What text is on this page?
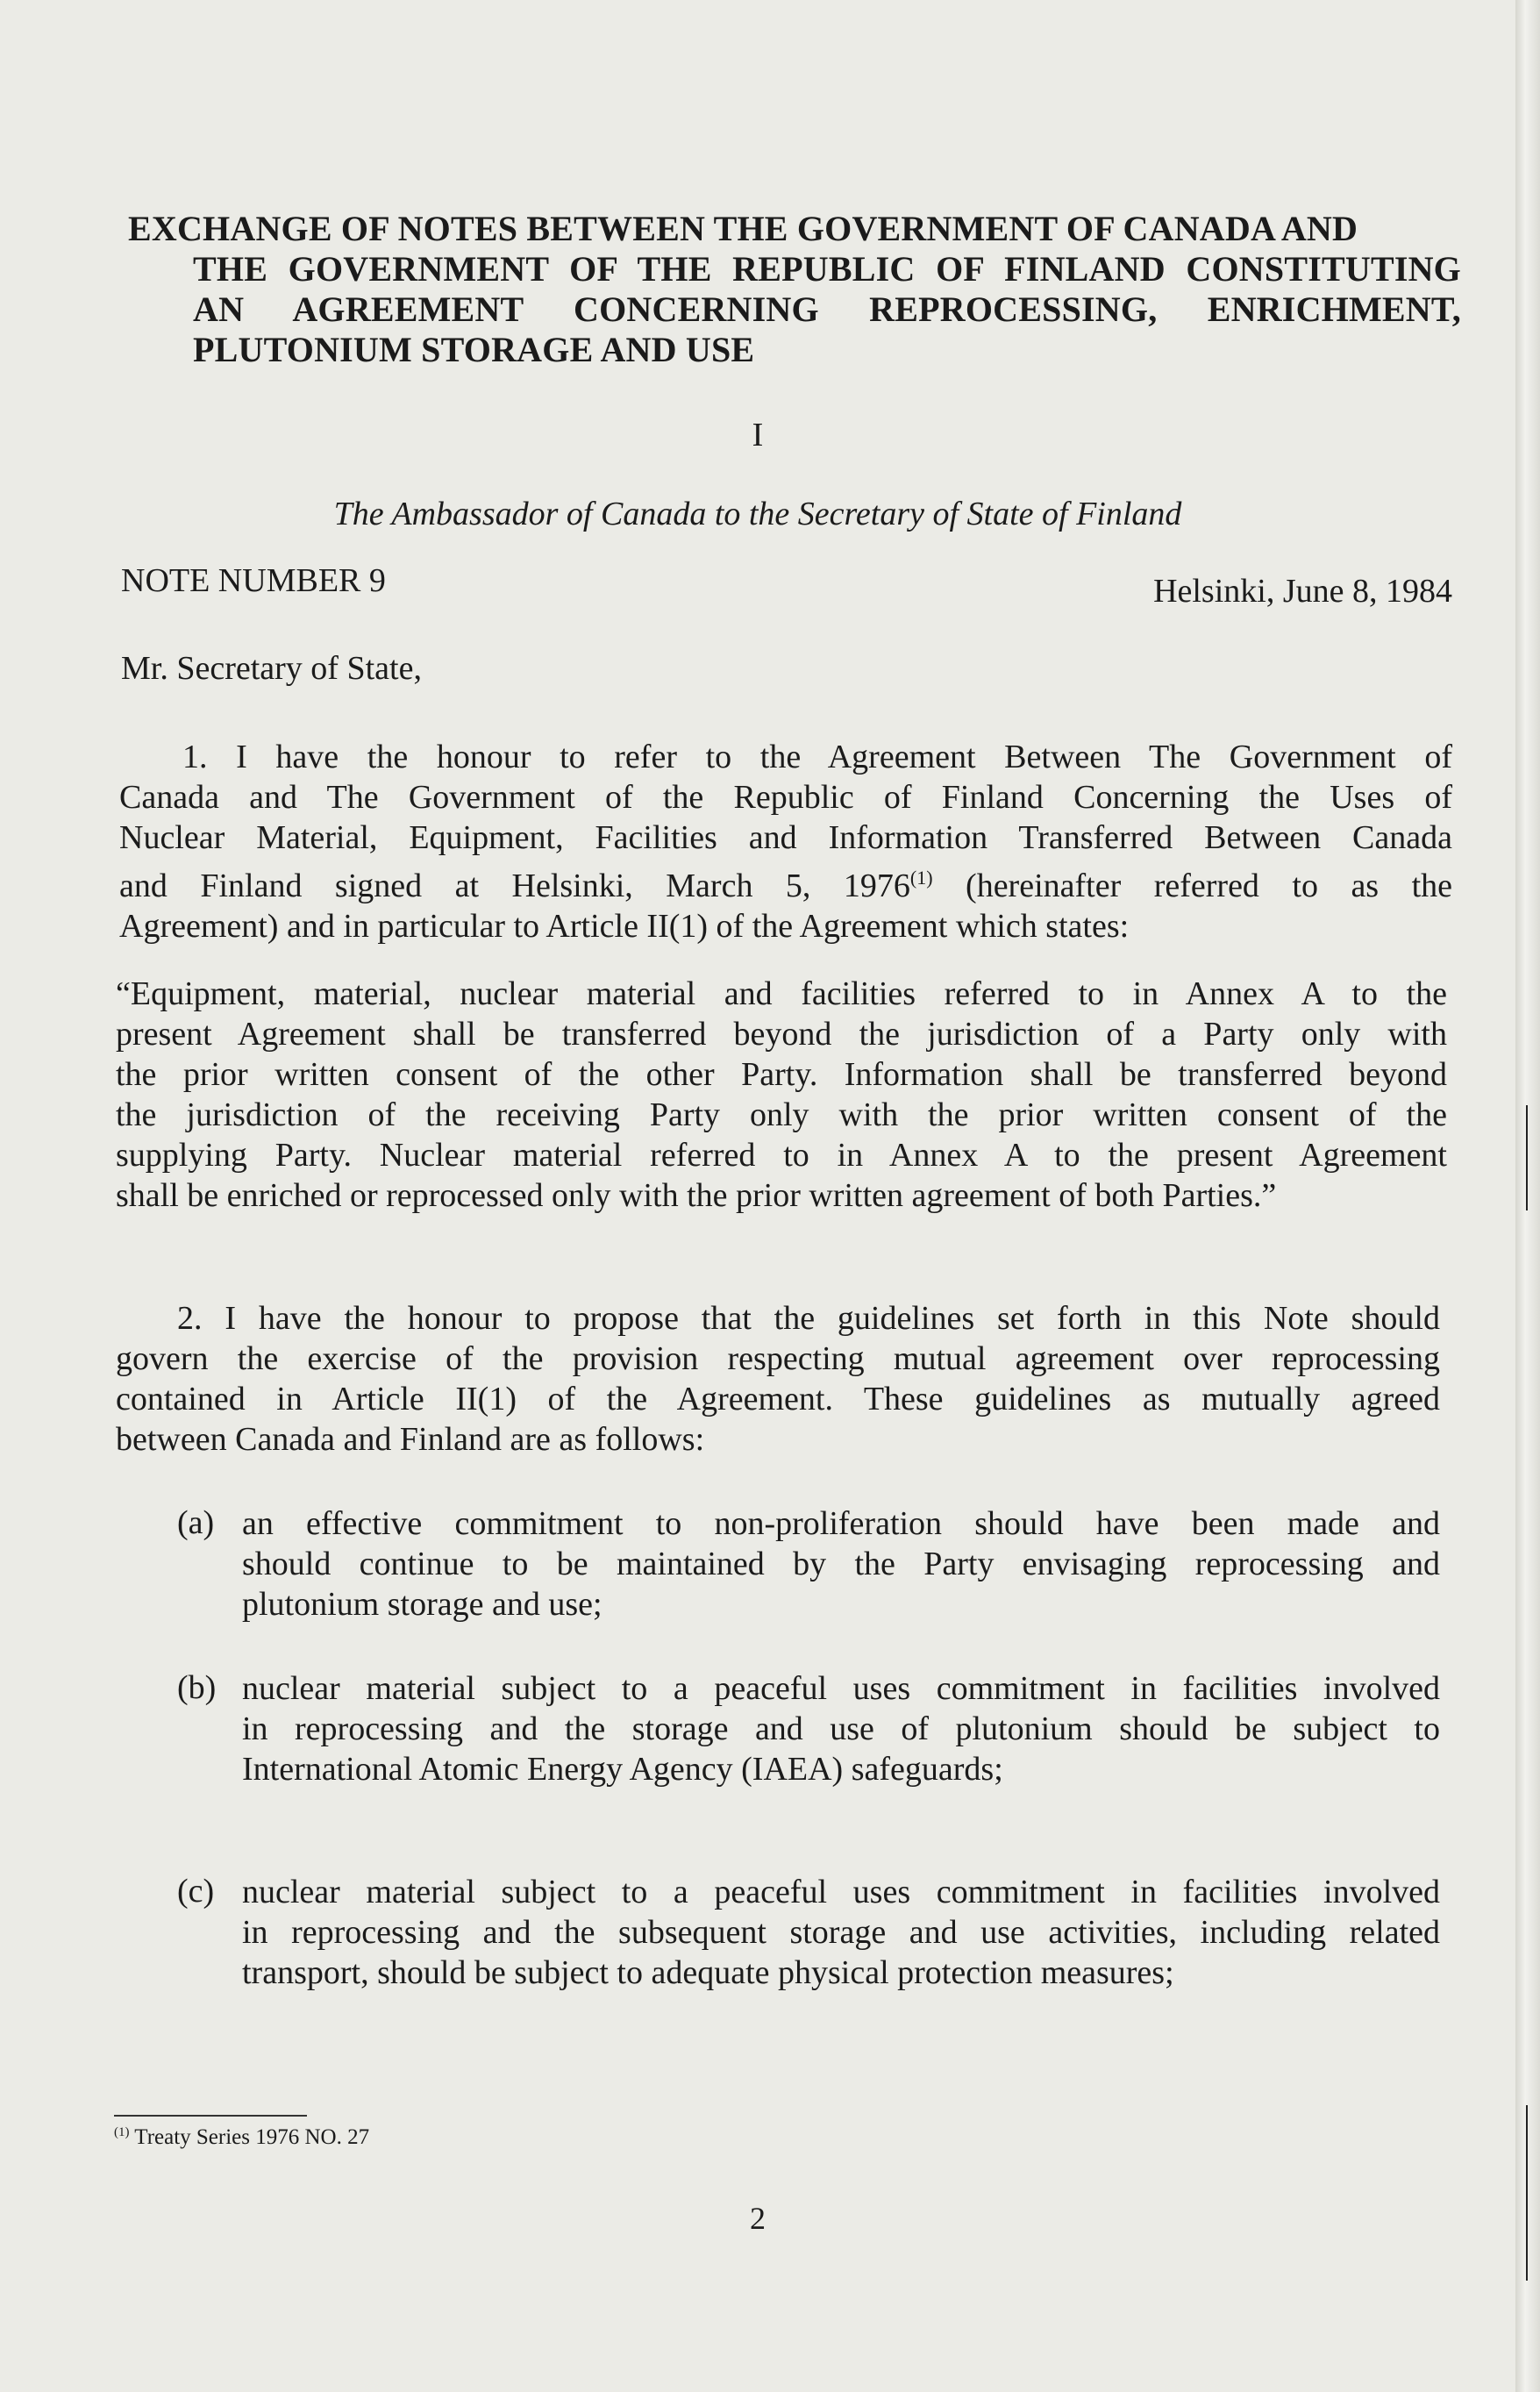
EXCHANGE OF NOTES BETWEEN THE GOVERNMENT OF CANADA AND
THE GOVERNMENT OF THE REPUBLIC OF FINLAND CONSTITUTING
AN AGREEMENT CONCERNING REPROCESSING, ENRICHMENT,
PLUTONIUM STORAGE AND USE
I
The Ambassador of Canada to the Secretary of State of Finland
NOTE NUMBER 9	Helsinki, June 8, 1984
Mr. Secretary of State,
1. I have the honour to refer to the Agreement Between The Government of
Canada and The Government of the Republic of Finland Concerning the Uses of
Nuclear Material, Equipment, Facilities and Information Transferred Between Canada
and Finland signed at Helsinki, March 5, 1976$^{(1)}$ (hereinafter referred to as the
Agreement) and in particular to Article II(1) of the Agreement which states:
“Equipment, material, nuclear material and facilities referred to in Annex A to the
present Agreement shall be transferred beyond the jurisdiction of a Party only with
the prior written consent of the other Party. Information shall be transferred beyond
the jurisdiction of the receiving Party only with the prior written consent of the
supplying Party. Nuclear material referred to in Annex A to the present Agreement
shall be enriched or reprocessed only with the prior written agreement of both Parties.”
2. I have the honour to propose that the guidelines set forth in this Note should
govern the exercise of the provision respecting mutual agreement over reprocessing
contained in Article II(1) of the Agreement. These guidelines as mutually agreed
between Canada and Finland are as follows:
(a) an effective commitment to non-proliferation should have been made and
should continue to be maintained by the Party envisaging reprocessing and
plutonium storage and use;
(b) nuclear material subject to a peaceful uses commitment in facilities involved
in reprocessing and the storage and use of plutonium should be subject to
International Atomic Energy Agency (IAEA) safeguards;
(c) nuclear material subject to a peaceful uses commitment in facilities involved
in reprocessing and the subsequent storage and use activities, including related
transport, should be subject to adequate physical protection measures;
$^{(1)}$ Treaty Series 1976 NO. 27
2
